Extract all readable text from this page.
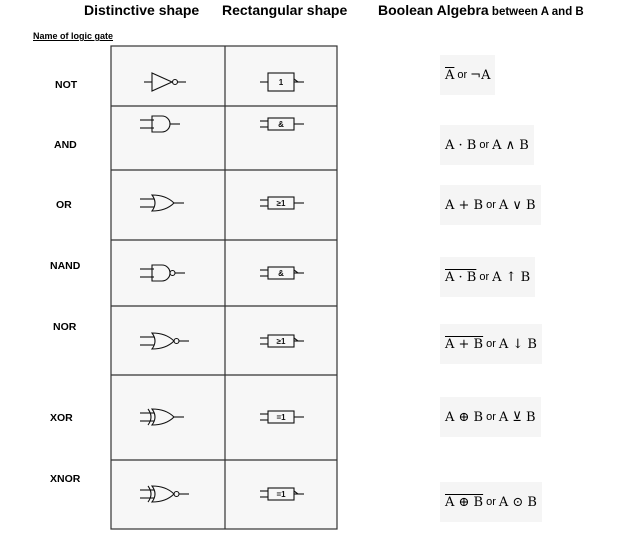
Distinctive shape Rectangular shape Boolean Algebra between A and B
Name of logic gate
1
&
≥1
&
≥1
=1
=1
NOT
AND
OR
NAND
NOR
XOR
XNOR
$\overline{A}$ or ¬A
A · B or A ∧ B
A + B or A ∨ B
A · B or A ↑ B
A + B or A ↓ B
A ⊕ B or A ⊻ B
A ⊕ B or A ⊙ B
